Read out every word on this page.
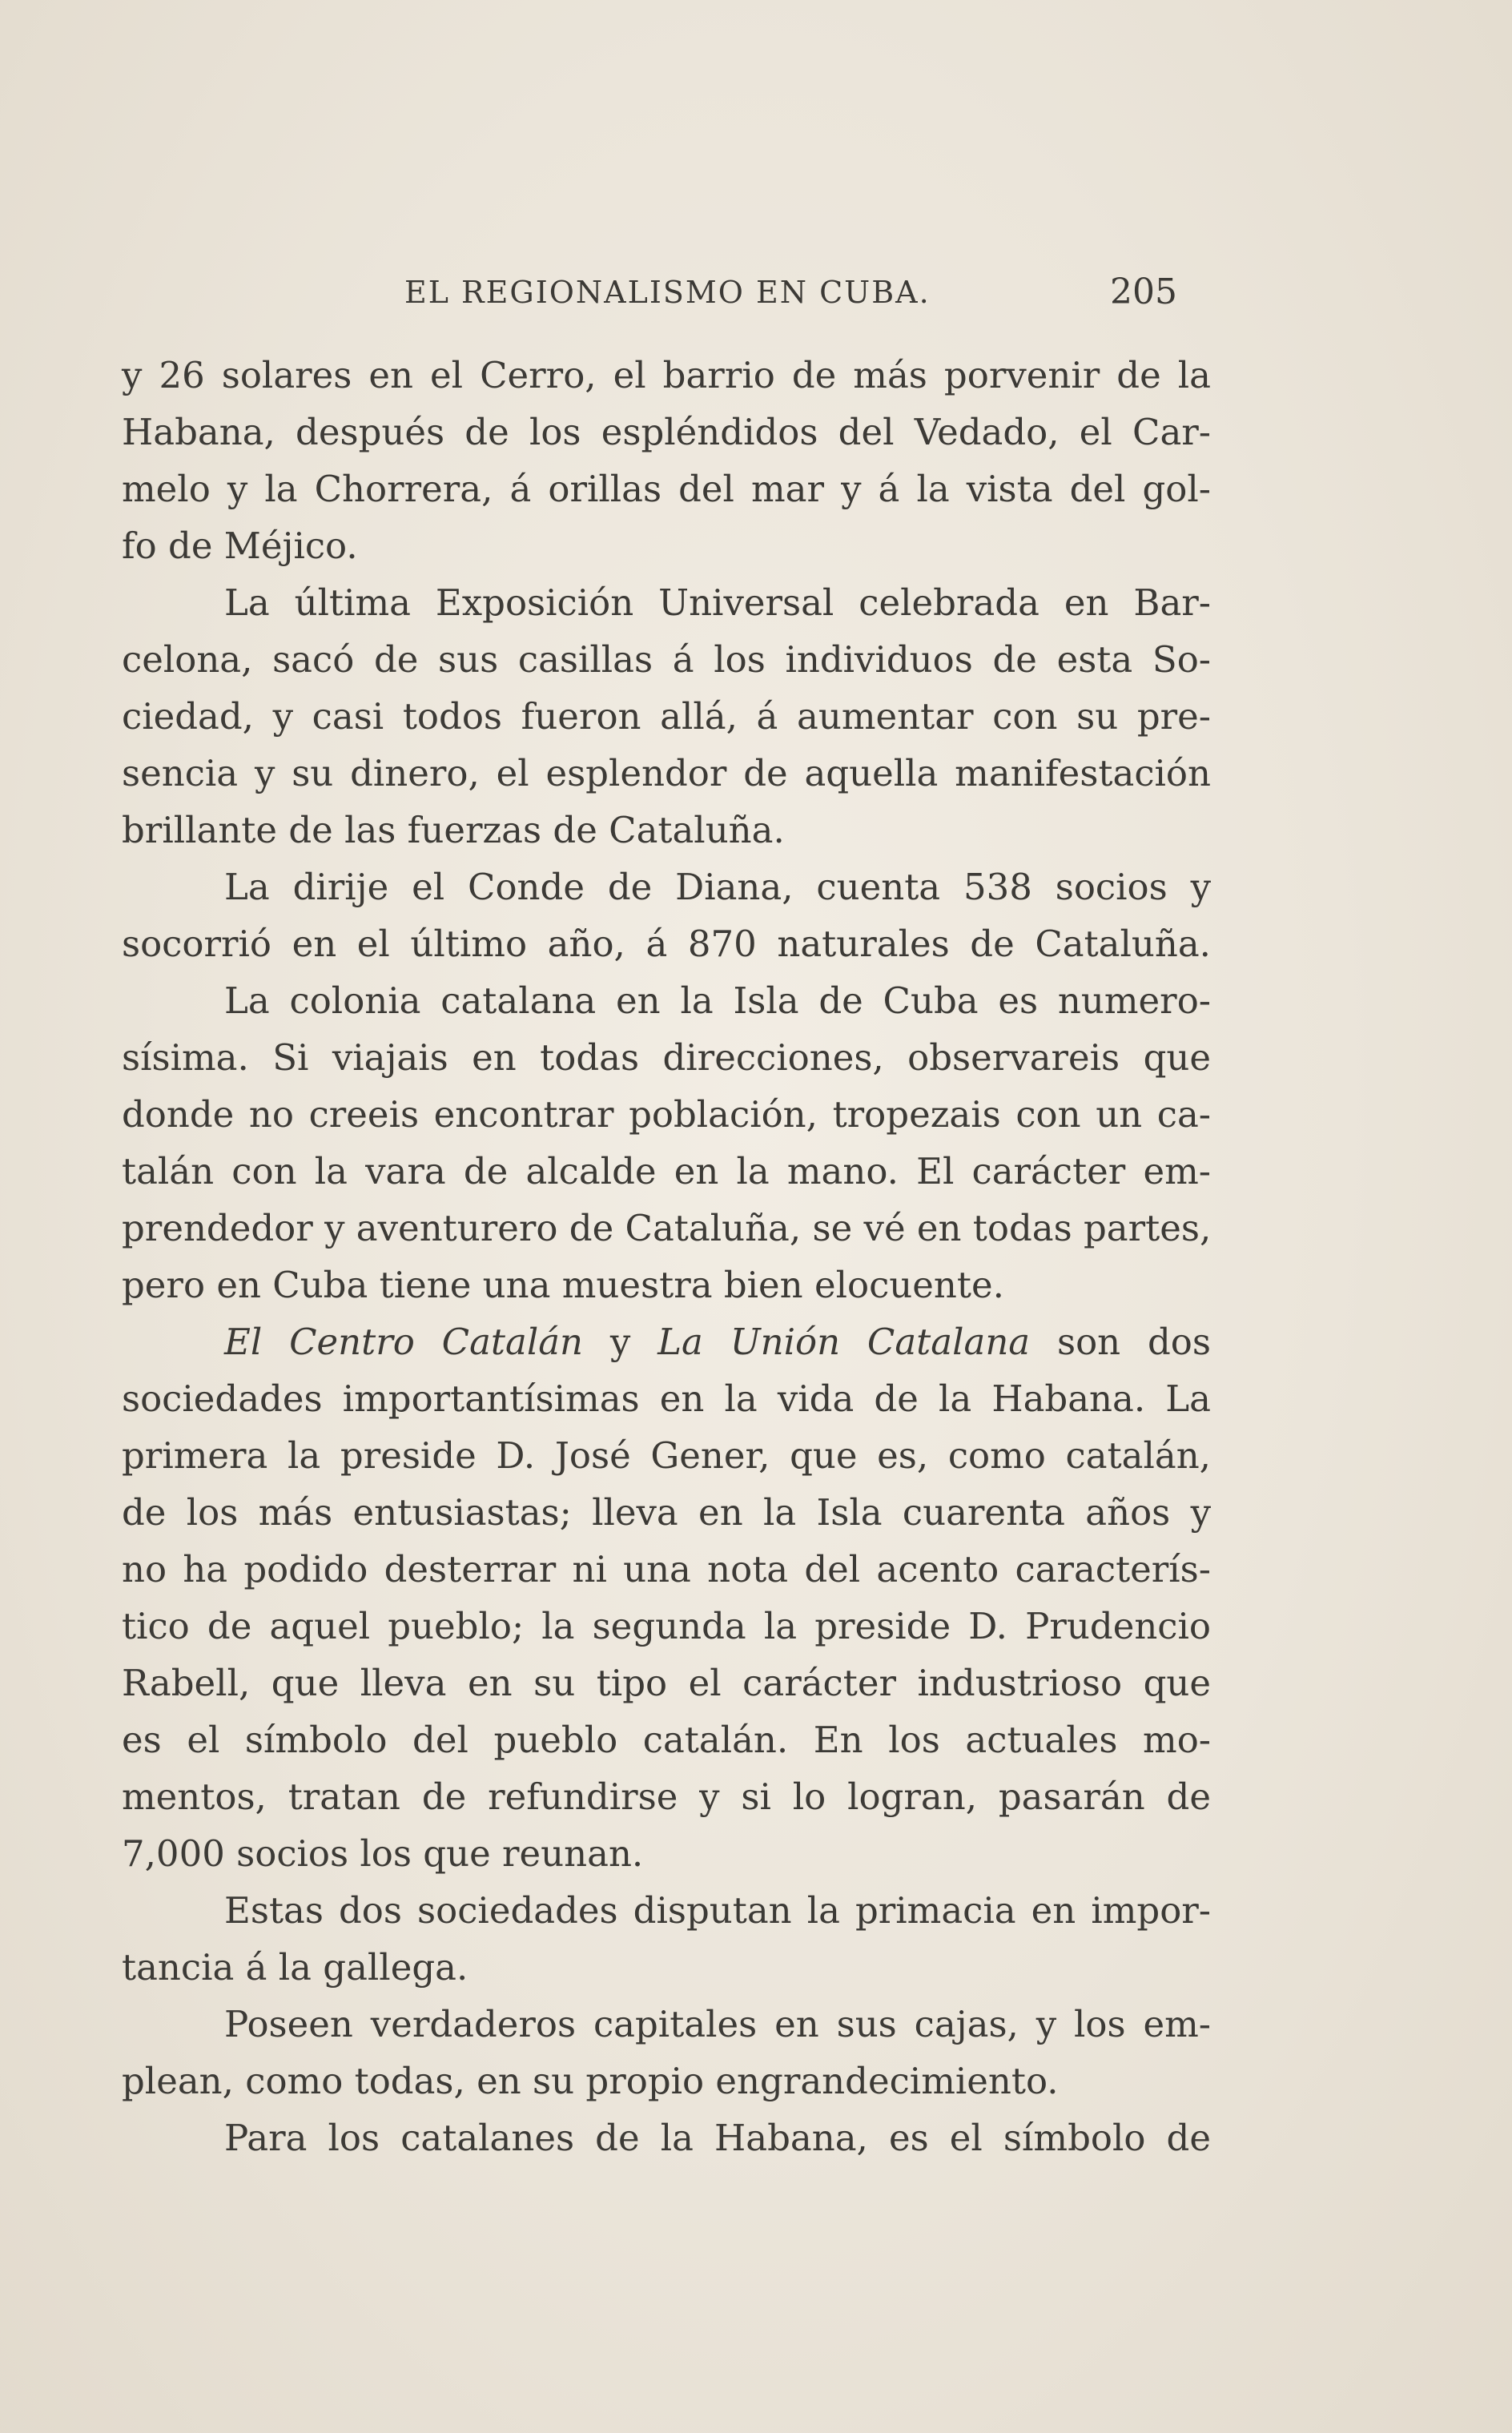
EL REGIONALISMO EN CUBA.	205
y 26 solares en el Cerro, el barrio de más porvenir de la
Habana, después de los espléndidos del Vedado, el Car-
melo y la Chorrera, á orillas del mar y á la vista del gol-
fo de Méjico.
La última Exposición Universal celebrada en Bar-
celona, sacó de sus casillas á los individuos de esta So-
ciedad, y casi todos fueron allá, á aumentar con su pre-
sencia y su dinero, el esplendor de aquella manifestación
brillante de las fuerzas de Cataluña.
La dirije el Conde de Diana, cuenta 538 socios y
socorrió en el último año, á 870 naturales de Cataluña.
La colonia catalana en la Isla de Cuba es numero-
sísima. Si viajais en todas direcciones, observareis que
donde no creeis encontrar población, tropezais con un ca-
talán con la vara de alcalde en la mano. El carácter em-
prendedor y aventurero de Cataluña, se vé en todas partes,
pero en Cuba tiene una muestra bien elocuente.
El Centro Catalán y La Unión Catalana son dos
sociedades importantísimas en la vida de la Habana. La
primera la preside D. José Gener, que es, como catalán,
de los más entusiastas; lleva en la Isla cuarenta años y
no ha podido desterrar ni una nota del acento caracterís-
tico de aquel pueblo; la segunda la preside D. Prudencio
Rabell, que lleva en su tipo el carácter industrioso que
es el símbolo del pueblo catalán. En los actuales mo-
mentos, tratan de refundirse y si lo logran, pasarán de
7,000 socios los que reunan.
Estas dos sociedades disputan la primacia en impor-
tancia á la gallega.
Poseen verdaderos capitales en sus cajas, y los em-
plean, como todas, en su propio engrandecimiento.
Para los catalanes de la Habana, es el símbolo de
